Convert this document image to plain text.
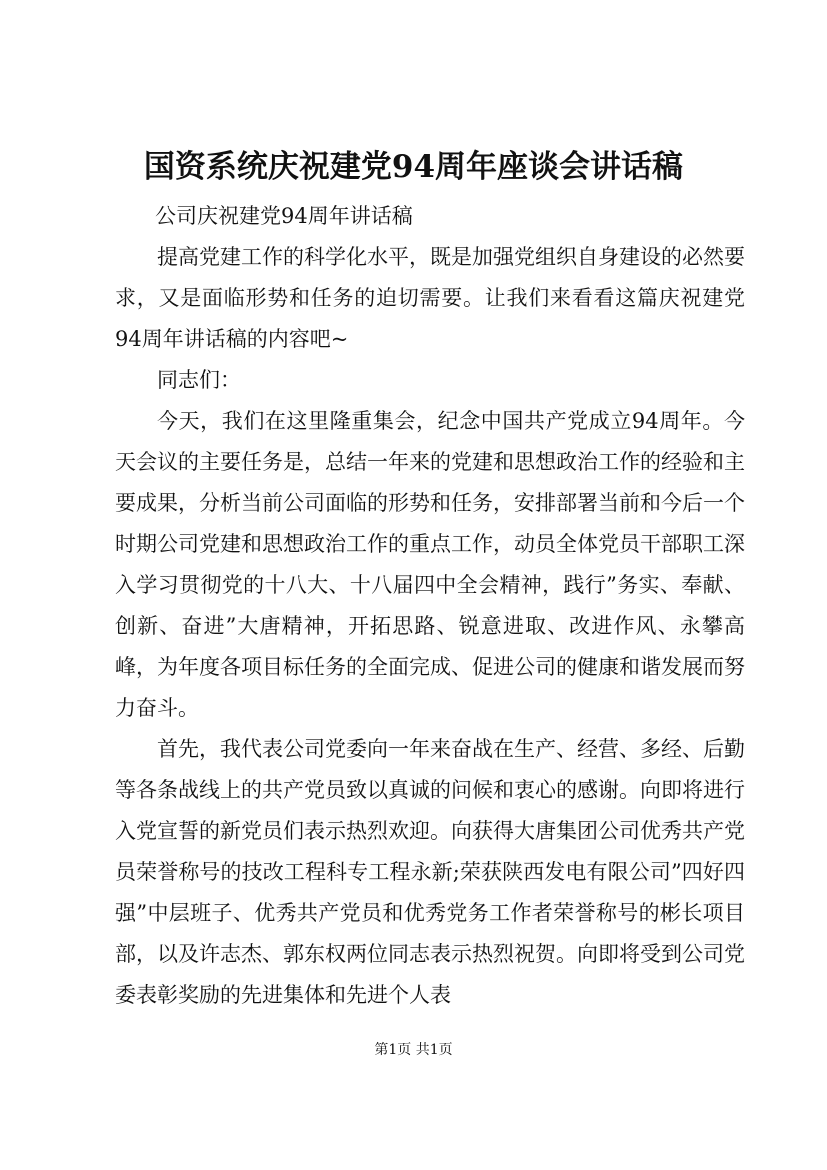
国资系统庆祝建党94周年座谈会讲话稿
公司庆祝建党94周年讲话稿

提高党建工作的科学化水平，既是加强党组织自身建设的必然要求，又是面临形势和任务的迫切需要。让我们来看看这篇庆祝建党94周年讲话稿的内容吧~

同志们：

今天，我们在这里隆重集会，纪念中国共产党成立94周年。今天会议的主要任务是，总结一年来的党建和思想政治工作的经验和主要成果，分析当前公司面临的形势和任务，安排部署当前和今后一个时期公司党建和思想政治工作的重点工作，动员全体党员干部职工深入学习贯彻党的十八大、十八届四中全会精神，践行”务实、奉献、创新、奋进”大唐精神，开拓思路、锐意进取、改进作风、永攀高峰，为年度各项目标任务的全面完成、促进公司的健康和谐发展而努力奋斗。

首先，我代表公司党委向一年来奋战在生产、经营、多经、后勤等各条战线上的共产党员致以真诚的问候和衷心的感谢。向即将进行入党宣誓的新党员们表示热烈欢迎。向获得大唐集团公司优秀共产党员荣誉称号的技改工程科专工程永新;荣获陕西发电有限公司”四好四强”中层班子、优秀共产党员和优秀党务工作者荣誉称号的彬长项目部，以及许志杰、郭东权两位同志表示热烈祝贺。向即将受到公司党委表彰奖励的先进集体和先进个人表

第1页 共1页
